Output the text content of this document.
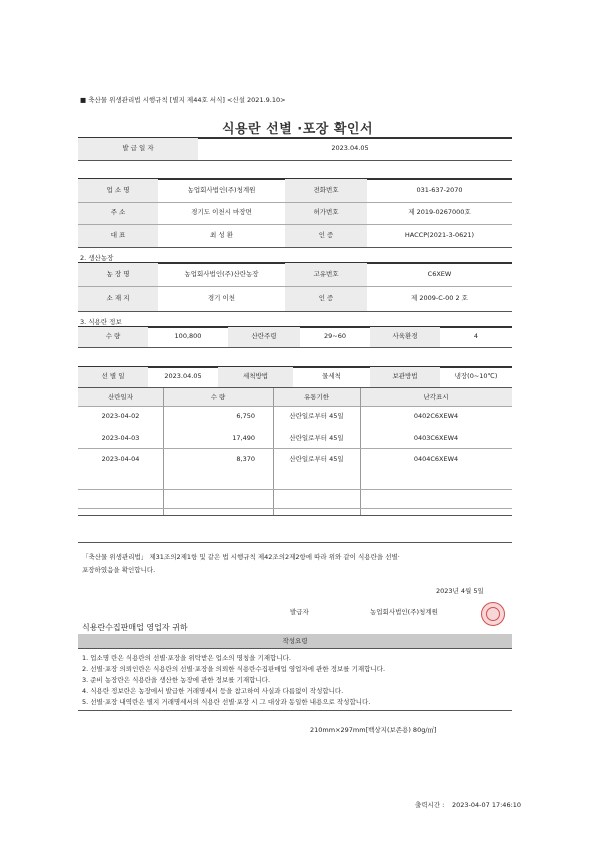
■ 축산물 위생관리법 시행규칙 [별지 제44호 서식] <신설 2021.9.10>
식용란 선별 ·포장 확인서
발 급 일 자	2023.04.05
업 소 명	농업회사법인(주)청계원	전화번호	031-637-2070
주 소	경기도 이천시 마장면	허가번호	제 2019-0267000호
대 표	최 성 환	인 증	HACCP(2021-3-0621)
2. 생산농장
농 장 명	농업회사법인(주)산란농장	고유번호	C6XEW
소 재 지	경기 이천	인 증	제 2009-C-00 2 호
3. 식용란 정보
수 량	100,800	산란주령	29~60	사육환경	4
선 별 일	2023.04.05	세척방법	물세척	보관방법	냉장(0~10℃)
산란일자	수 량	유통기한	난각표시
2023-04-02	6,750	산란일로부터 45일	0402C6XEW4
2023-04-03	17,490	산란일로부터 45일	0403C6XEW4
2023-04-04	8,370	산란일로부터 45일	0404C6XEW4
「축산물 위생관리법」 제31조의2제1항 및 같은 법 시행규칙 제42조의2제2항에 따라 위와 같이 식용란을 선별·
포장하였음을 확인합니다.
2023년 4월 5일
발급자	농업회사법인(주)청계원
식용란수집판매업 영업자 귀하
작성요령
1. 업소명 란은 식용란의 선별·포장을 위탁받은 업소의 명칭을 기재합니다.
2. 선별·포장 의뢰인란은 식용란의 선별·포장을 의뢰한 식용란수집판매업 영업자에 관한 정보를 기재합니다.
3. 준비 농장란은 식용란을 생산한 농장에 관한 정보를 기재합니다.
4. 식용란 정보란은 농장에서 발급한 거래명세서 등을 참고하여 사실과 다름없이 작성합니다.
5. 선별·포장 내역란은 별지 거래명세서의 식용란 선별·포장 시 그 대상과 동일한 내용으로 작성합니다.
210mm×297mm[백상지(보존용) 80g/㎡]
출력시간 : 2023-04-07 17:46:10
